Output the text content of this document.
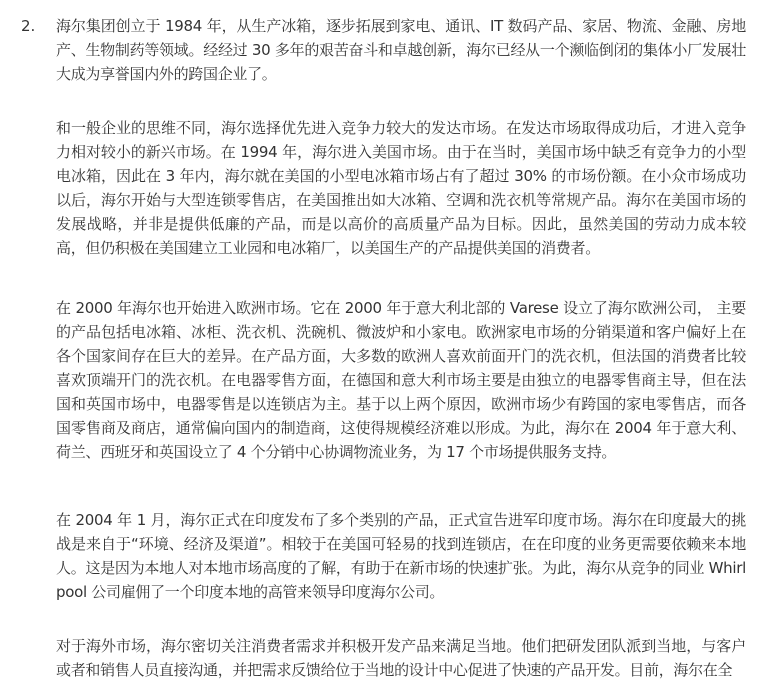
2. 海尔集团创立于 1984 年，从生产冰箱，逐步拓展到家电、通讯、IT 数码产品、家居、物流、金融、房地产、生物制药等领域。经经过 30 多年的艰苦奋斗和卓越创新，海尔已经从一个濒临倒闭的集体小厂发展壮大成为享誉国内外的跨国企业了。

和一般企业的思维不同，海尔选择优先进入竞争力较大的发达市场。在发达市场取得成功后，才进入竞争力相对较小的新兴市场。在 1994 年，海尔进入美国市场。由于在当时，美国市场中缺乏有竞争力的小型电冰箱，因此在 3 年内，海尔就在美国的小型电冰箱市场占有了超过 30% 的市场份额。在小众市场成功以后，海尔开始与大型连锁零售店，在美国推出如大冰箱、空调和洗衣机等常规产品。海尔在美国市场的发展战略，并非是提供低廉的产品，而是以高价的高质量产品为目标。因此，虽然美国的劳动力成本较高，但仍积极在美国建立工业园和电冰箱厂，以美国生产的产品提供美国的消费者。

在 2000 年海尔也开始进入欧洲市场。它在 2000 年于意大利北部的 Varese 设立了海尔欧洲公司， 主要的产品包括电冰箱、冰柜、洗衣机、洗碗机、微波炉和小家电。欧洲家电市场的分销渠道和客户偏好上在各个国家间存在巨大的差异。在产品方面，大多数的欧洲人喜欢前面开门的洗衣机，但法国的消费者比较喜欢顶端开门的洗衣机。在电器零售方面，在德国和意大利市场主要是由独立的电器零售商主导，但在法国和英国市场中，电器零售是以连锁店为主。基于以上两个原因，欧洲市场少有跨国的家电零售店，而各国零售商及商店，通常偏向国内的制造商，这使得规模经济难以形成。为此，海尔在 2004 年于意大利、荷兰、西班牙和英国设立了 4 个分销中心协调物流业务，为 17 个市场提供服务支持。

在 2004 年 1 月，海尔正式在印度发布了多个类别的产品，正式宣告进军印度市场。海尔在印度最大的挑战是来自于“环境、经济及渠道”。相较于在美国可轻易的找到连锁店，在在印度的业务更需要依赖来本地人。这是因为本地人对本地市场高度的了解，有助于在新市场的快速扩张。为此，海尔从竞争的同业 Whirlpool 公司雇佣了一个印度本地的高管来领导印度海尔公司。

对于海外市场，海尔密切关注消费者需求并积极开发产品来满足当地。他们把研发团队派到当地，与客户或者和销售人员直接沟通，并把需求反馈给位于当地的设计中心促进了快速的产品开发。目前，海尔在全
